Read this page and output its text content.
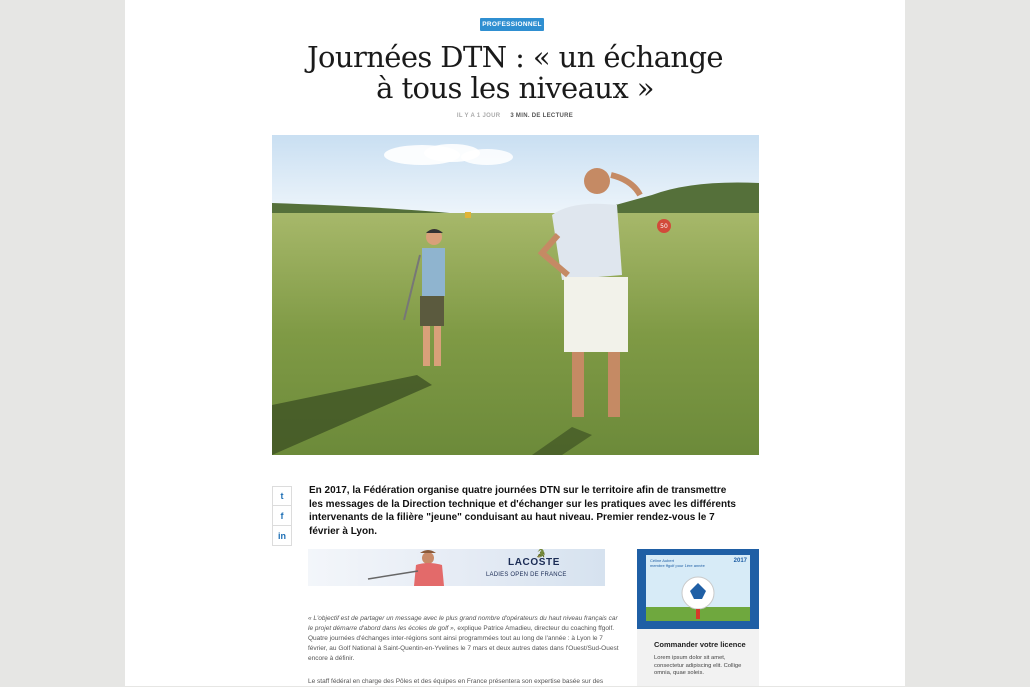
PROFESSIONNEL
Journées DTN : « un échange
à tous les niveaux »
IL Y A 1 JOUR 3 MIN. DE LECTURE
50
t
f
in

En 2017, la Fédération organise quatre journées DTN sur le territoire afin de transmettre les messages de la Direction technique et d'échanger sur les pratiques avec les différents intervenants de la filière "jeune" conduisant au haut niveau. Premier rendez-vous le 7 février à Lyon.

🐊
LACOSTE
LADIES OPEN DE FRANCE

« L'objectif est de partager un message avec le plus grand nombre d'opérateurs du haut niveau français car le projet démarre d'abord dans les écoles de golf », explique Patrice Amadieu, directeur du coaching ffgolf. Quatre journées d'échanges inter-régions sont ainsi programmées tout au long de l'année : à Lyon le 7 février, au Golf National à Saint-Quentin-en-Yvelines le 7 mars et deux autres dates dans l'Ouest/Sud-Ouest encore à définir.

Le staff fédéral en charge des Pôles et des équipes en France présentera son expertise basée sur des

Céline Aubert
membre ffgolf pour 1ère année
2017
Commander votre licence
Lorem ipsum dolor sit amet, consectetur adipiscing elit. Collige omnia, quae soleis.
